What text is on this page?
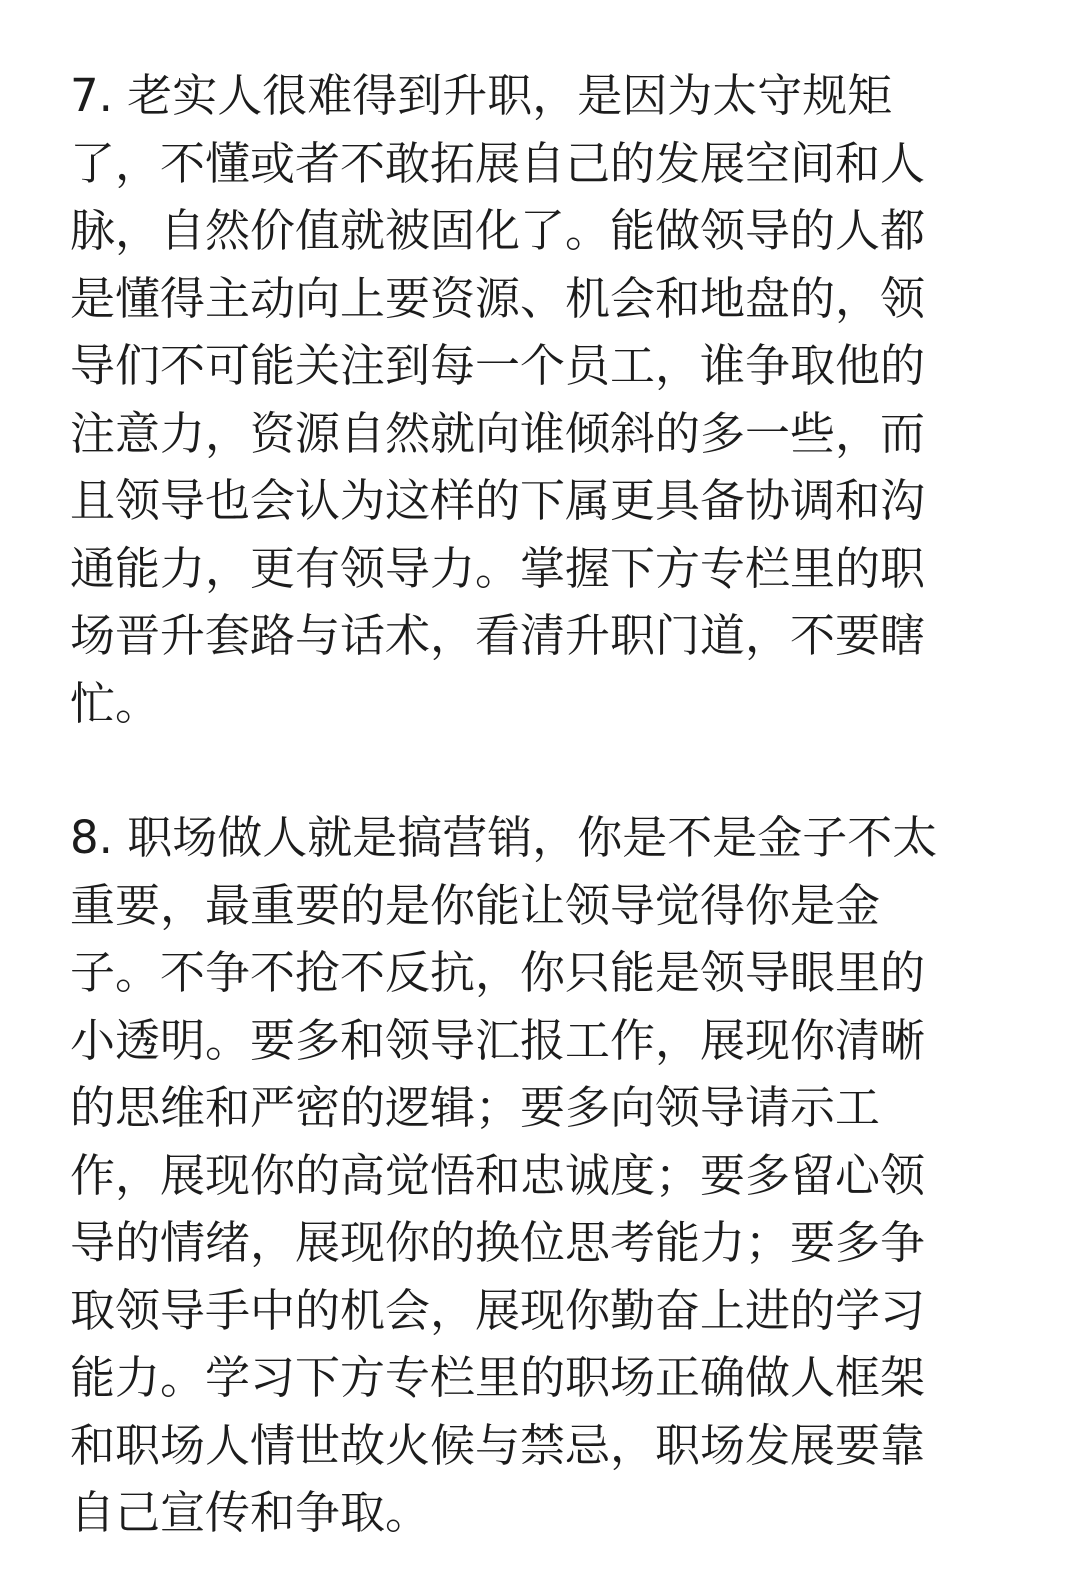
7. 老实人很难得到升职，是因为太守规矩
了，不懂或者不敢拓展自己的发展空间和人
脉，自然价值就被固化了。能做领导的人都
是懂得主动向上要资源、机会和地盘的，领
导们不可能关注到每一个员工，谁争取他的
注意力，资源自然就向谁倾斜的多一些，而
且领导也会认为这样的下属更具备协调和沟
通能力，更有领导力。掌握下方专栏里的职
场晋升套路与话术，看清升职门道，不要瞎
忙。
8. 职场做人就是搞营销，你是不是金子不太
重要，最重要的是你能让领导觉得你是金
子。不争不抢不反抗，你只能是领导眼里的
小透明。要多和领导汇报工作，展现你清晰
的思维和严密的逻辑；要多向领导请示工
作，展现你的高觉悟和忠诚度；要多留心领
导的情绪，展现你的换位思考能力；要多争
取领导手中的机会，展现你勤奋上进的学习
能力。学习下方专栏里的职场正确做人框架
和职场人情世故火候与禁忌，职场发展要靠
自己宣传和争取。
